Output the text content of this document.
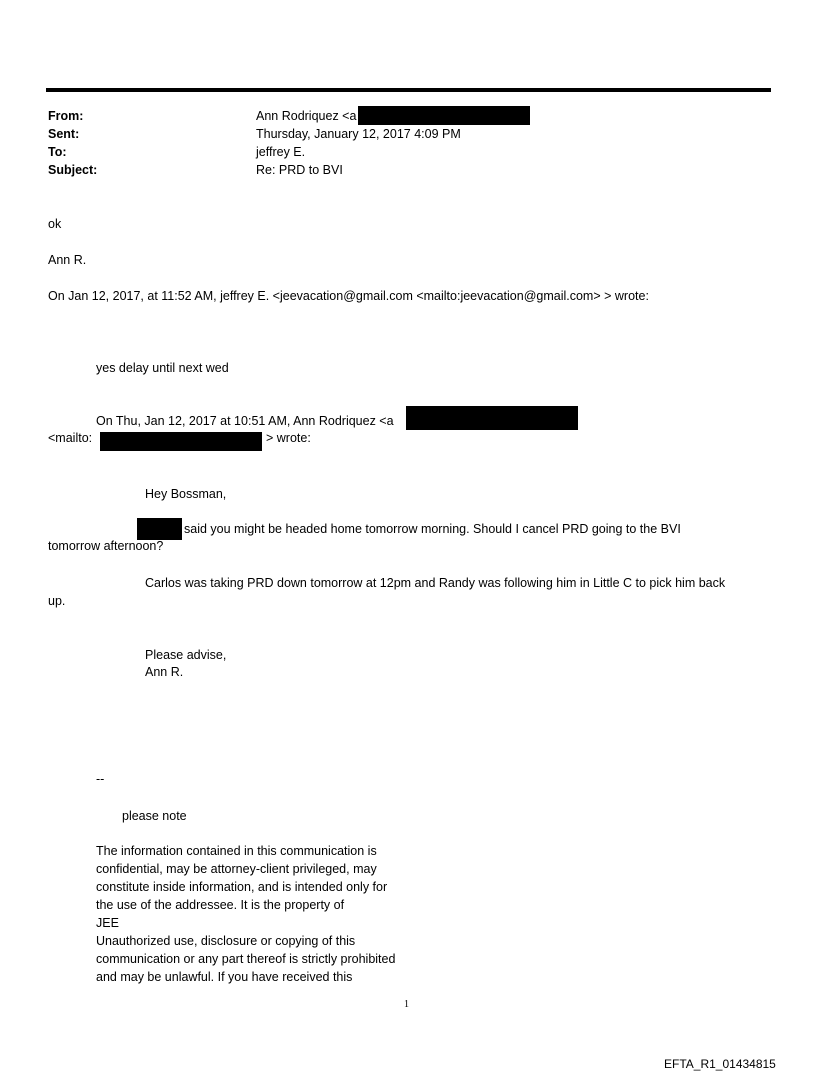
From:	Ann Rodriquez <a
Sent:	Thursday, January 12, 2017 4:09 PM
To:	jeffrey E.
Subject:	Re: PRD to BVI
ok
Ann R.
On Jan 12, 2017, at 11:52 AM, jeffrey E. <jeevacation@gmail.com <mailto:jeevacation@gmail.com> > wrote:
yes delay until next wed
On Thu, Jan 12, 2017 at 10:51 AM, Ann Rodriquez <a
<mailto:	> wrote:
Hey Bossman,
said you might be headed home tomorrow morning. Should I cancel PRD going to the BVI
tomorrow afternoon?
Carlos was taking PRD down tomorrow at 12pm and Randy was following him in Little C to pick him back
up.
Please advise,
Ann R.
--
please note
The information contained in this communication is
confidential, may be attorney-client privileged, may
constitute inside information, and is intended only for
the use of the addressee. It is the property of
JEE
Unauthorized use, disclosure or copying of this
communication or any part thereof is strictly prohibited
and may be unlawful. If you have received this
1
EFTA_R1_01434815
